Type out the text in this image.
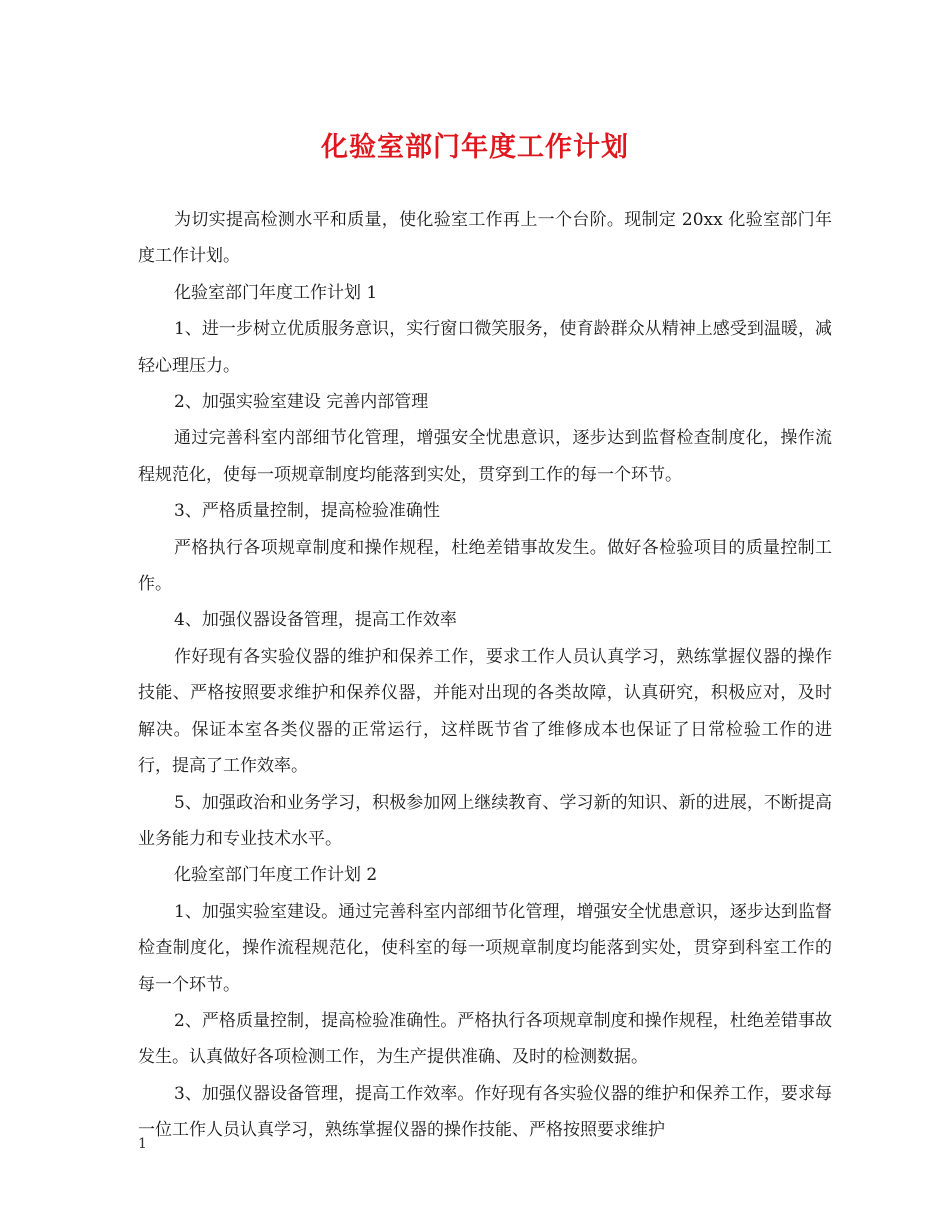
化验室部门年度工作计划

为切实提高检测水平和质量，使化验室工作再上一个台阶。现制定 20xx 化验室部门年度工作计划。

化验室部门年度工作计划 1

1、进一步树立优质服务意识，实行窗口微笑服务，使育龄群众从精神上感受到温暖，减轻心理压力。

2、加强实验室建设 完善内部管理

通过完善科室内部细节化管理，增强安全忧患意识，逐步达到监督检查制度化，操作流程规范化，使每一项规章制度均能落到实处，贯穿到工作的每一个环节。

3、严格质量控制，提高检验准确性

严格执行各项规章制度和操作规程，杜绝差错事故发生。做好各检验项目的质量控制工作。

4、加强仪器设备管理，提高工作效率

作好现有各实验仪器的维护和保养工作，要求工作人员认真学习，熟练掌握仪器的操作技能、严格按照要求维护和保养仪器，并能对出现的各类故障，认真研究，积极应对，及时解决。保证本室各类仪器的正常运行，这样既节省了维修成本也保证了日常检验工作的进行，提高了工作效率。

5、加强政治和业务学习，积极参加网上继续教育、学习新的知识、新的进展，不断提高业务能力和专业技术水平。

化验室部门年度工作计划 2

1、加强实验室建设。通过完善科室内部细节化管理，增强安全忧患意识，逐步达到监督检查制度化，操作流程规范化，使科室的每一项规章制度均能落到实处，贯穿到科室工作的每一个环节。

2、严格质量控制，提高检验准确性。严格执行各项规章制度和操作规程，杜绝差错事故发生。认真做好各项检测工作，为生产提供准确、及时的检测数据。

3、加强仪器设备管理，提高工作效率。作好现有各实验仪器的维护和保养工作，要求每一位工作人员认真学习，熟练掌握仪器的操作技能、严格按照要求维护

1
